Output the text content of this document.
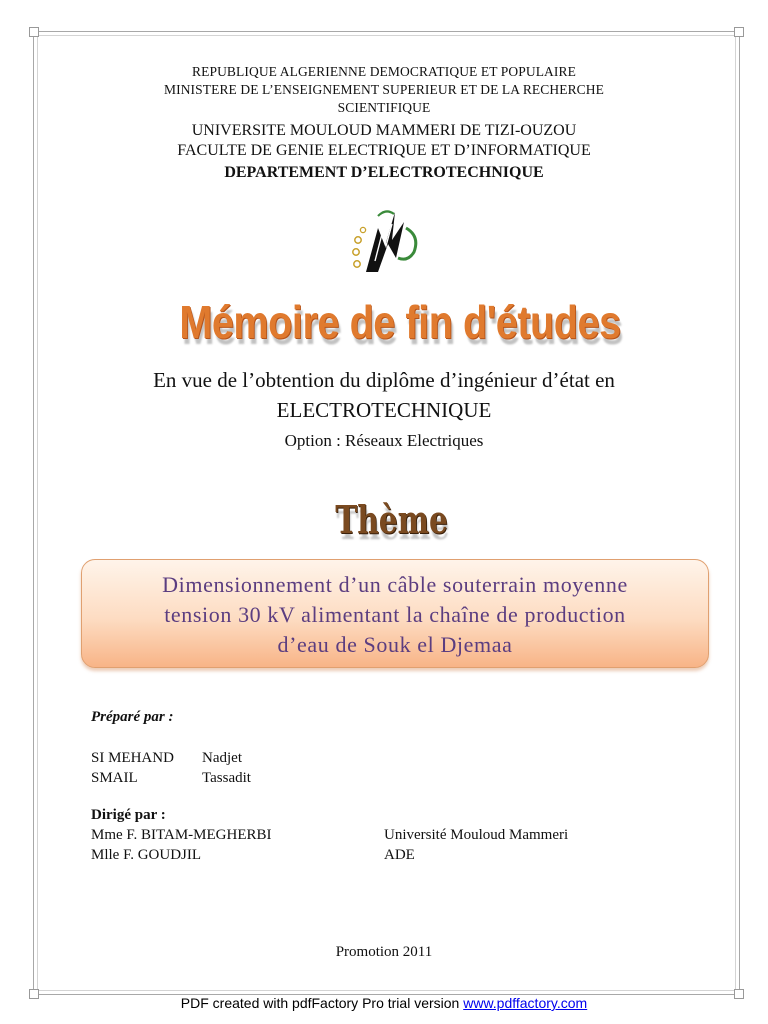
REPUBLIQUE ALGERIENNE DEMOCRATIQUE ET POPULAIRE
MINISTERE DE L’ENSEIGNEMENT SUPERIEUR ET DE LA RECHERCHE
SCIENTIFIQUE
UNIVERSITE MOULOUD MAMMERI DE TIZI-OUZOU
FACULTE DE GENIE ELECTRIQUE ET D’INFORMATIQUE
DEPARTEMENT D’ELECTROTECHNIQUE
Mémoire de fin d'études
En vue de l’obtention du diplôme d’ingénieur d’état en
ELECTROTECHNIQUE
Option : Réseaux Electriques
Thème
Dimensionnement d’un câble souterrain moyenne
tension 30 kV alimentant la chaîne de production
d’eau de Souk el Djemaa
Préparé par :
SI MEHAND Nadjet
SMAIL	Tassadit
Dirigé par :
Mme F. BITAM-MEGHERBI	Université Mouloud Mammeri
Mlle F. GOUDJIL	ADE
Promotion 2011
PDF created with pdfFactory Pro trial version www.pdffactory.com
